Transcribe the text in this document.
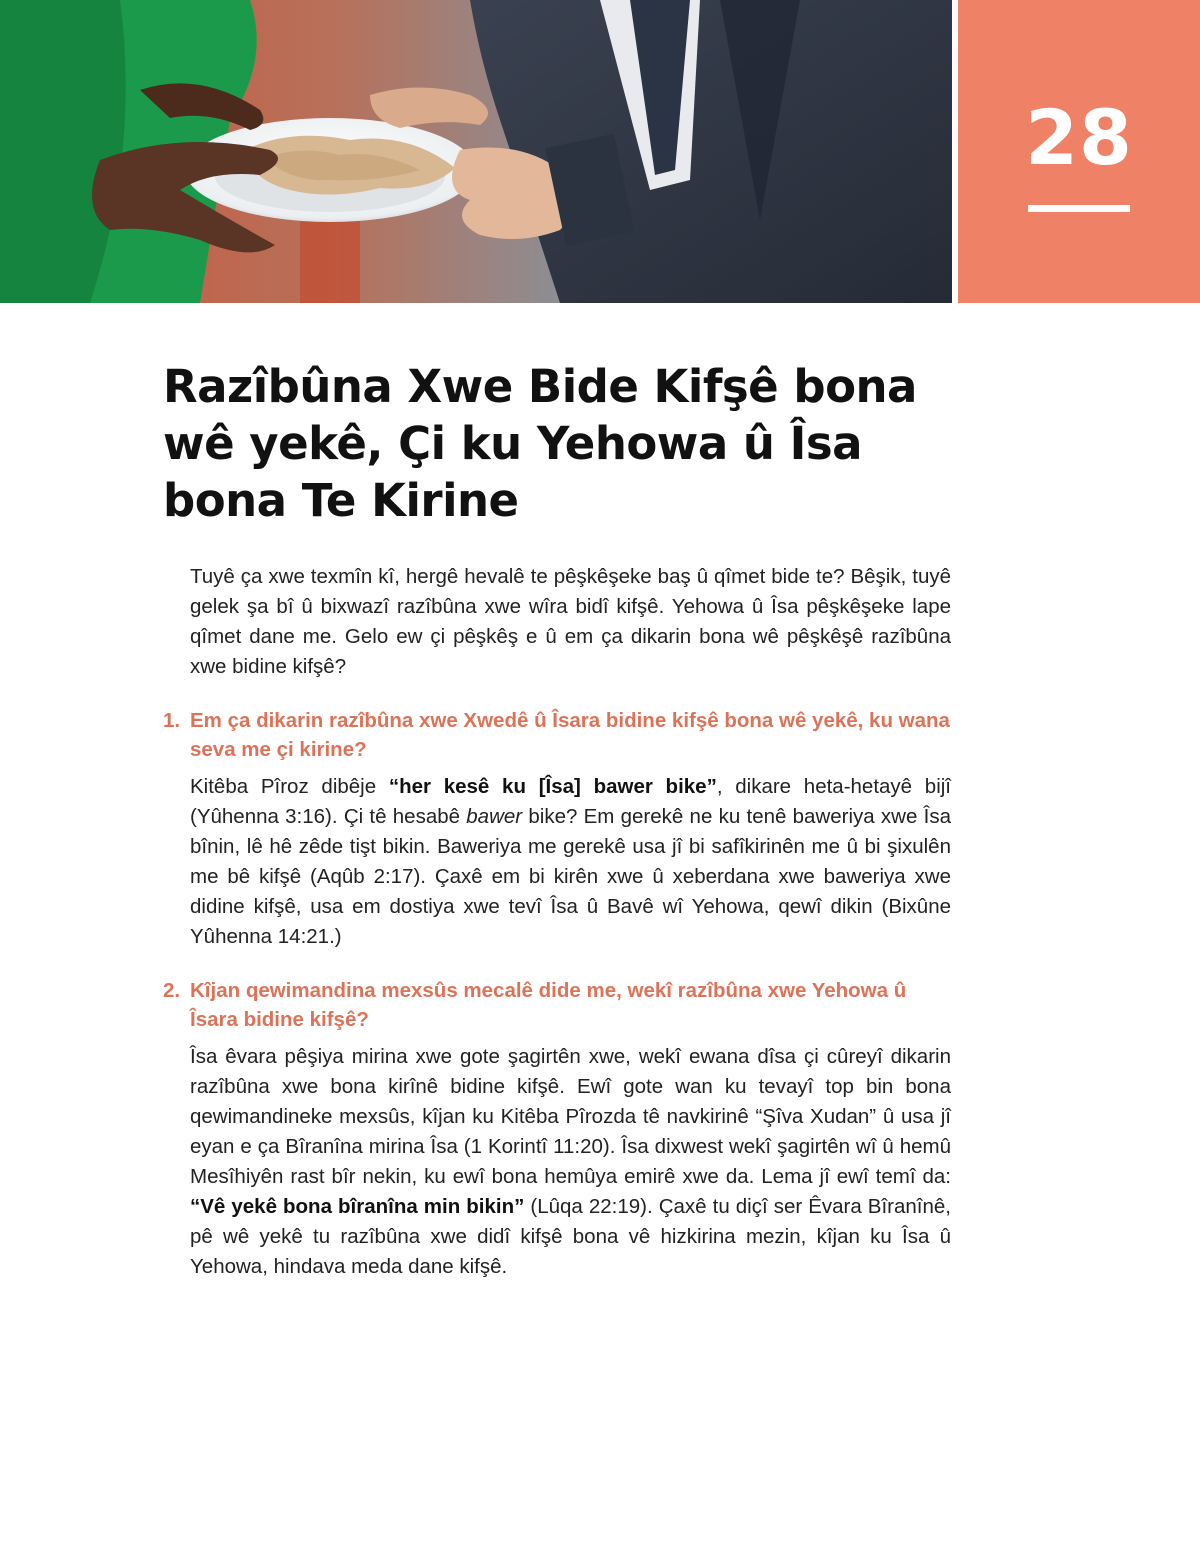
28
Razîbûna Xwe Bide Kifşê bona wê yekê, Çi ku Yehowa û Îsa bona Te Kirine

Tuyê ça xwe texmîn kî, hergê hevalê te pêşkêşeke baş û qîmet bide te? Bêşik, tuyê gelek şa bî û bixwazî razîbûna xwe wîra bidî kifşê. Yehowa û Îsa pêşkêşeke lape qîmet dane me. Gelo ew çi pêşkêş e û em ça dikarin bona wê pêşkêşê razîbûna xwe bidine kifşê?

1. Em ça dikarin razîbûna xwe Xwedê û Îsara bidine kifşê bona wê yekê, ku wana seva me çi kirine?

Kitêba Pîroz dibêje “her kesê ku [Îsa] bawer bike”, dikare heta-hetayê bijî (Yûhenna 3:16). Çi tê hesabê bawer bike? Em gerekê ne ku tenê baweriya xwe Îsa bînin, lê hê zêde tişt bikin. Baweriya me gerekê usa jî bi safîkirinên me û bi şixulên me bê kifşê (Aqûb 2:17). Çaxê em bi kirên xwe û xeberdana xwe baweriya xwe didine kifşê, usa em dostiya xwe tevî Îsa û Bavê wî Yehowa, qewî dikin (Bixûne Yûhenna 14:21.)

2. Kîjan qewimandina mexsûs mecalê dide me, wekî razîbûna xwe Yehowa û Îsara bidine kifşê?

Îsa êvara pêşiya mirina xwe gote şagirtên xwe, wekî ewana dîsa çi cûreyî dikarin razîbûna xwe bona kirînê bidine kifşê. Ewî gote wan ku tevayî top bin bona qewimandineke mexsûs, kîjan ku Kitêba Pîrozda tê navkirinê “Şîva Xudan” û usa jî eyan e ça Bîranîna mirina Îsa (1 Korintî 11:20). Îsa dixwest wekî şagirtên wî û hemû Mesîhiyên rast bîr nekin, ku ewî bona hemûya emirê xwe da. Lema jî ewî temî da: “Vê yekê bona bîranîna min bikin” (Lûqa 22:19). Çaxê tu diçî ser Êvara Bîranînê, pê wê yekê tu razîbûna xwe didî kifşê bona vê hizkirina mezin, kîjan ku Îsa û Yehowa, hindava meda dane kifşê.
